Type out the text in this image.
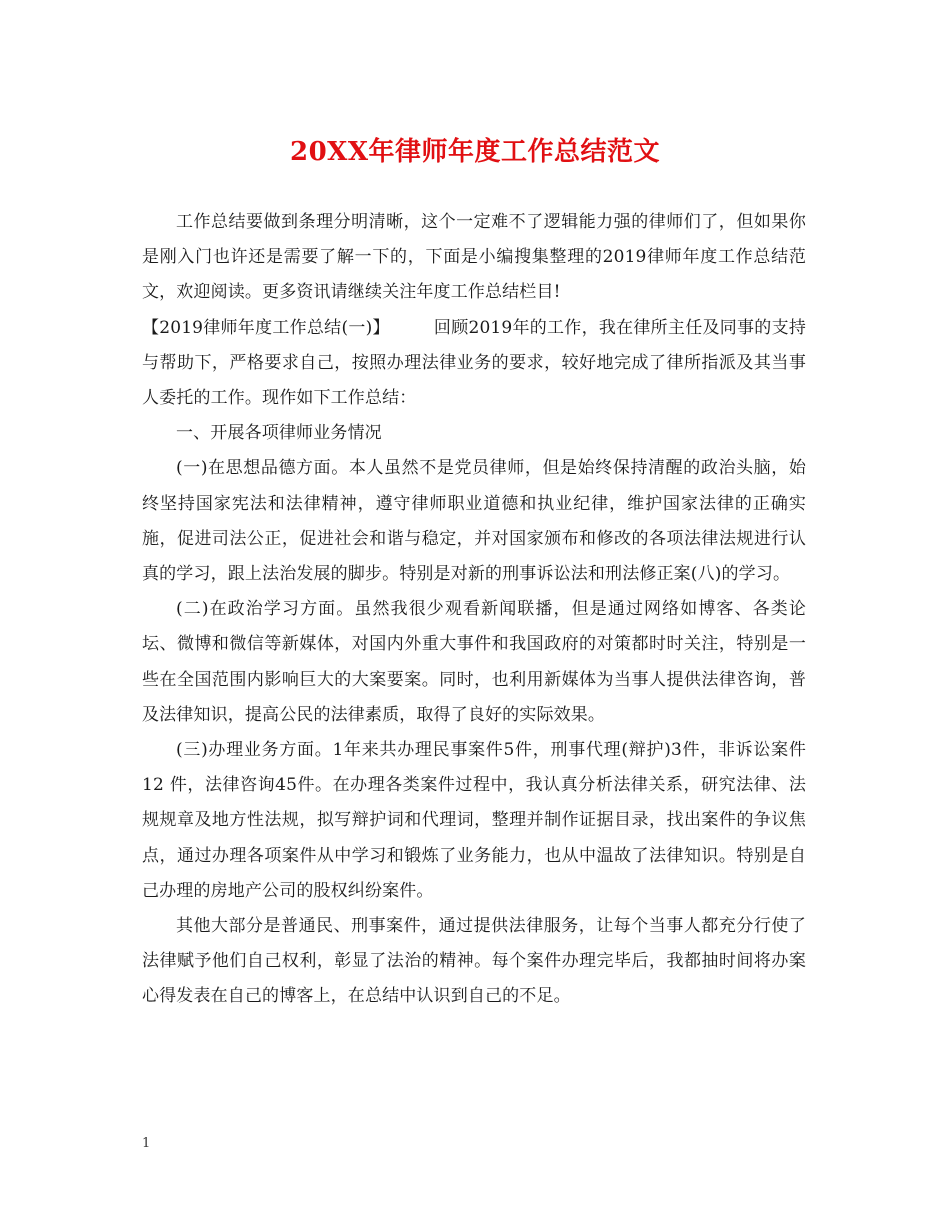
20XX年律师年度工作总结范文

工作总结要做到条理分明清晰，这个一定难不了逻辑能力强的律师们了，但如果你是刚入门也许还是需要了解一下的，下面是小编搜集整理的2019律师年度工作总结范文，欢迎阅读。更多资讯请继续关注年度工作总结栏目!

【2019律师年度工作总结(一)】	回顾2019年的工作，我在律所主任及同事的支持与帮助下，严格要求自己，按照办理法律业务的要求，较好地完成了律所指派及其当事人委托的工作。现作如下工作总结：

一、开展各项律师业务情况

(一)在思想品德方面。本人虽然不是党员律师，但是始终保持清醒的政治头脑，始终坚持国家宪法和法律精神，遵守律师职业道德和执业纪律，维护国家法律的正确实施，促进司法公正，促进社会和谐与稳定，并对国家颁布和修改的各项法律法规进行认真的学习，跟上法治发展的脚步。特别是对新的刑事诉讼法和刑法修正案(八)的学习。

(二)在政治学习方面。虽然我很少观看新闻联播，但是通过网络如博客、各类论坛、微博和微信等新媒体，对国内外重大事件和我国政府的对策都时时关注，特别是一些在全国范围内影响巨大的大案要案。同时，也利用新媒体为当事人提供法律咨询，普及法律知识，提高公民的法律素质，取得了良好的实际效果。

(三)办理业务方面。1年来共办理民事案件5件，刑事代理(辩护)3件，非诉讼案件12 件，法律咨询45件。在办理各类案件过程中，我认真分析法律关系，研究法律、法规规章及地方性法规，拟写辩护词和代理词，整理并制作证据目录，找出案件的争议焦点，通过办理各项案件从中学习和锻炼了业务能力，也从中温故了法律知识。特别是自己办理的房地产公司的股权纠纷案件。

其他大部分是普通民、刑事案件，通过提供法律服务，让每个当事人都充分行使了法律赋予他们自己权利，彰显了法治的精神。每个案件办理完毕后，我都抽时间将办案心得发表在自己的博客上，在总结中认识到自己的不足。

1
